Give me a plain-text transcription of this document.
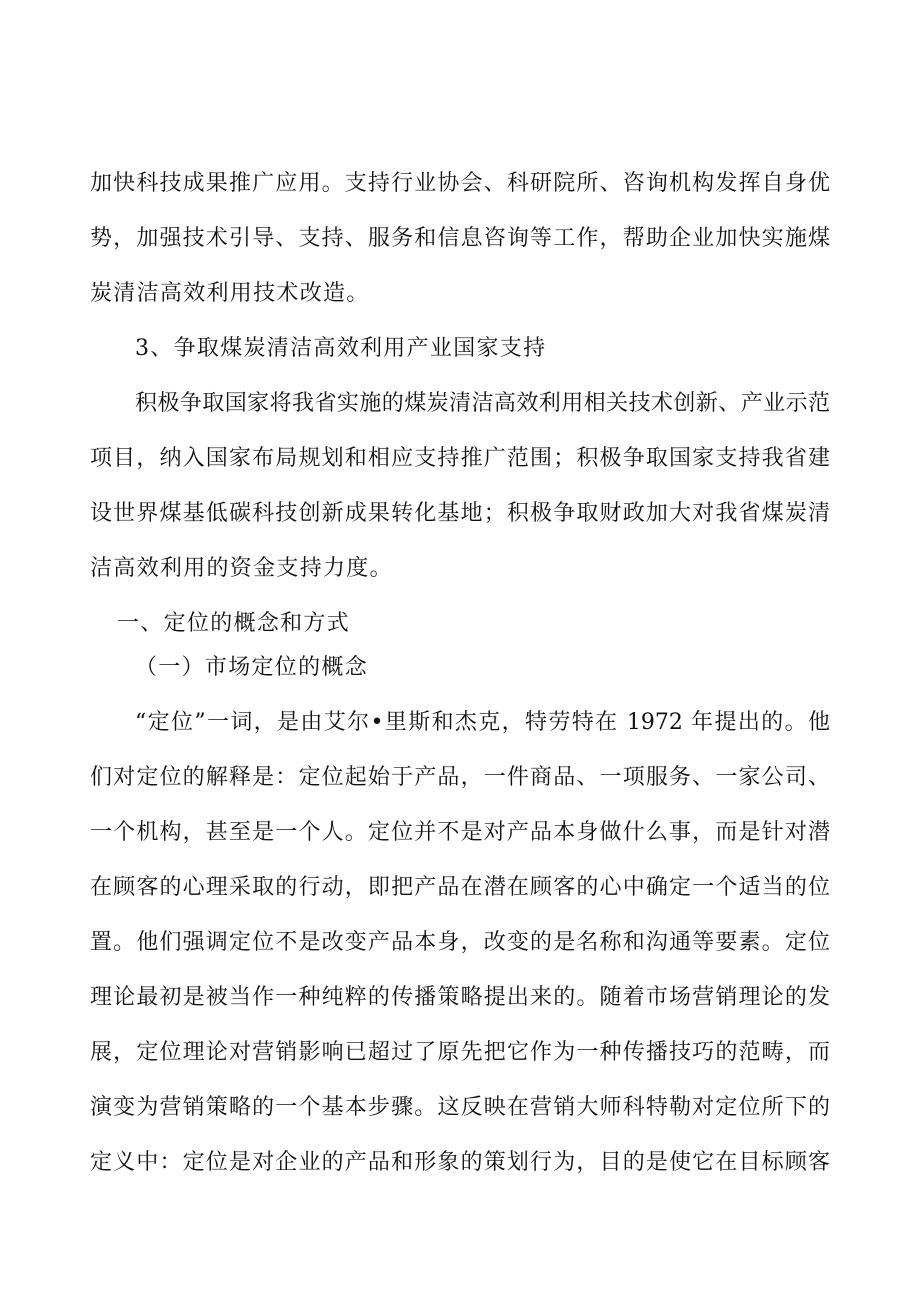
加快科技成果推广应用。支持行业协会、科研院所、咨询机构发挥自身优
势，加强技术引导、支持、服务和信息咨询等工作，帮助企业加快实施煤
炭清洁高效利用技术改造。
3、争取煤炭清洁高效利用产业国家支持
积极争取国家将我省实施的煤炭清洁高效利用相关技术创新、产业示范
项目，纳入国家布局规划和相应支持推广范围；积极争取国家支持我省建
设世界煤基低碳科技创新成果转化基地；积极争取财政加大对我省煤炭清
洁高效利用的资金支持力度。
一、定位的概念和方式
（一）市场定位的概念
“定位”一词，是由艾尔•里斯和杰克，特劳特在 1972 年提出的。他
们对定位的解释是：定位起始于产品，一件商品、一项服务、一家公司、
一个机构，甚至是一个人。定位并不是对产品本身做什么事，而是针对潜
在顾客的心理采取的行动，即把产品在潜在顾客的心中确定一个适当的位
置。他们强调定位不是改变产品本身，改变的是名称和沟通等要素。定位
理论最初是被当作一种纯粹的传播策略提出来的。随着市场营销理论的发
展，定位理论对营销影响已超过了原先把它作为一种传播技巧的范畴，而
演变为营销策略的一个基本步骤。这反映在营销大师科特勒对定位所下的
定义中：定位是对企业的产品和形象的策划行为，目的是使它在目标顾客
